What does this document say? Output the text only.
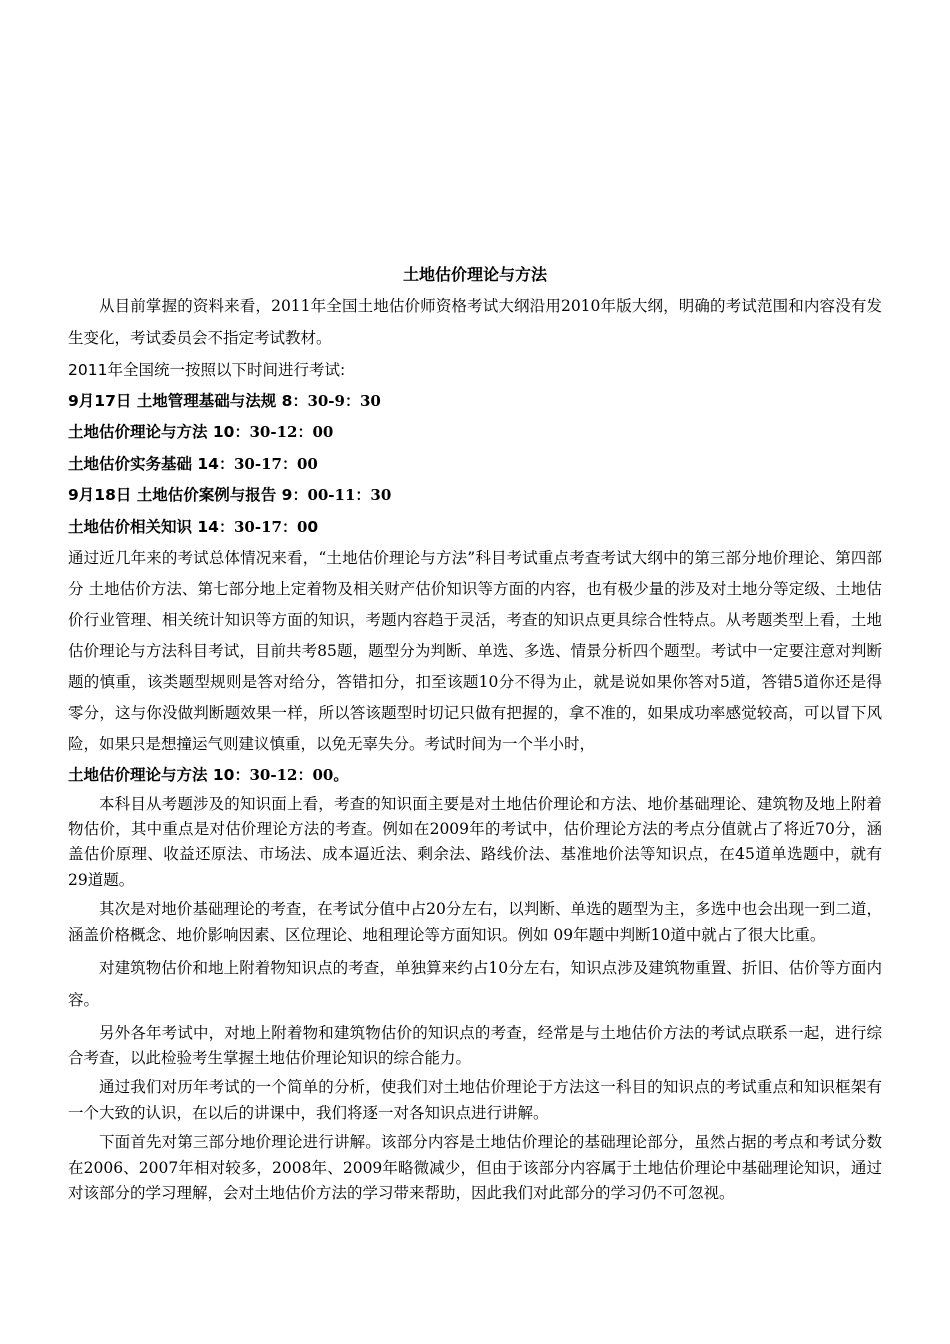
土地估价理论与方法

从目前掌握的资料来看，2011年全国土地估价师资格考试大纲沿用2010年版大纲，明确的考试范围和内容没有发生变化，考试委员会不指定考试教材。

2011年全国统一按照以下时间进行考试:

9月17日 土地管理基础与法规 8：30-9：30
土地估价理论与方法 10：30-12：00
土地估价实务基础 14：30-17：00
9月18日 土地估价案例与报告 9：00-11：30
土地估价相关知识 14：30-17：00

通过近几年来的考试总体情况来看，“土地估价理论与方法”科目考试重点考查考试大纲中的第三部分地价理论、第四部分 土地估价方法、第七部分地上定着物及相关财产估价知识等方面的内容，也有极少量的涉及对土地分等定级、土地估价行业管理、相关统计知识等方面的知识，考题内容趋于灵活，考查的知识点更具综合性特点。从考题类型上看，土地估价理论与方法科目考试，目前共考85题，题型分为判断、单选、多选、情景分析四个题型。考试中一定要注意对判断题的慎重，该类题型规则是答对给分，答错扣分，扣至该题10分不得为止，就是说如果你答对5道，答错5道你还是得零分，这与你没做判断题效果一样，所以答该题型时切记只做有把握的，拿不准的，如果成功率感觉较高，可以冒下风险，如果只是想撞运气则建议慎重，以免无辜失分。考试时间为一个半小时，

土地估价理论与方法 10：30-12：00。

本科目从考题涉及的知识面上看，考查的知识面主要是对土地估价理论和方法、地价基础理论、建筑物及地上附着物估价，其中重点是对估价理论方法的考查。例如在2009年的考试中，估价理论方法的考点分值就占了将近70分，涵盖估价原理、收益还原法、市场法、成本逼近法、剩余法、路线价法、基准地价法等知识点，在45道单选题中，就有29道题。

其次是对地价基础理论的考查，在考试分值中占20分左右，以判断、单选的题型为主，多选中也会出现一到二道，涵盖价格概念、地价影响因素、区位理论、地租理论等方面知识。例如 09年题中判断10道中就占了很大比重。

对建筑物估价和地上附着物知识点的考查，单独算来约占10分左右，知识点涉及建筑物重置、折旧、估价等方面内容。

另外各年考试中，对地上附着物和建筑物估价的知识点的考查，经常是与土地估价方法的考试点联系一起，进行综合考查，以此检验考生掌握土地估价理论知识的综合能力。

通过我们对历年考试的一个简单的分析，使我们对土地估价理论于方法这一科目的知识点的考试重点和知识框架有一个大致的认识，在以后的讲课中，我们将逐一对各知识点进行讲解。

下面首先对第三部分地价理论进行讲解。该部分内容是土地估价理论的基础理论部分，虽然占据的考点和考试分数在2006、2007年相对较多，2008年、2009年略微减少，但由于该部分内容属于土地估价理论中基础理论知识，通过对该部分的学习理解，会对土地估价方法的学习带来帮助，因此我们对此部分的学习仍不可忽视。
